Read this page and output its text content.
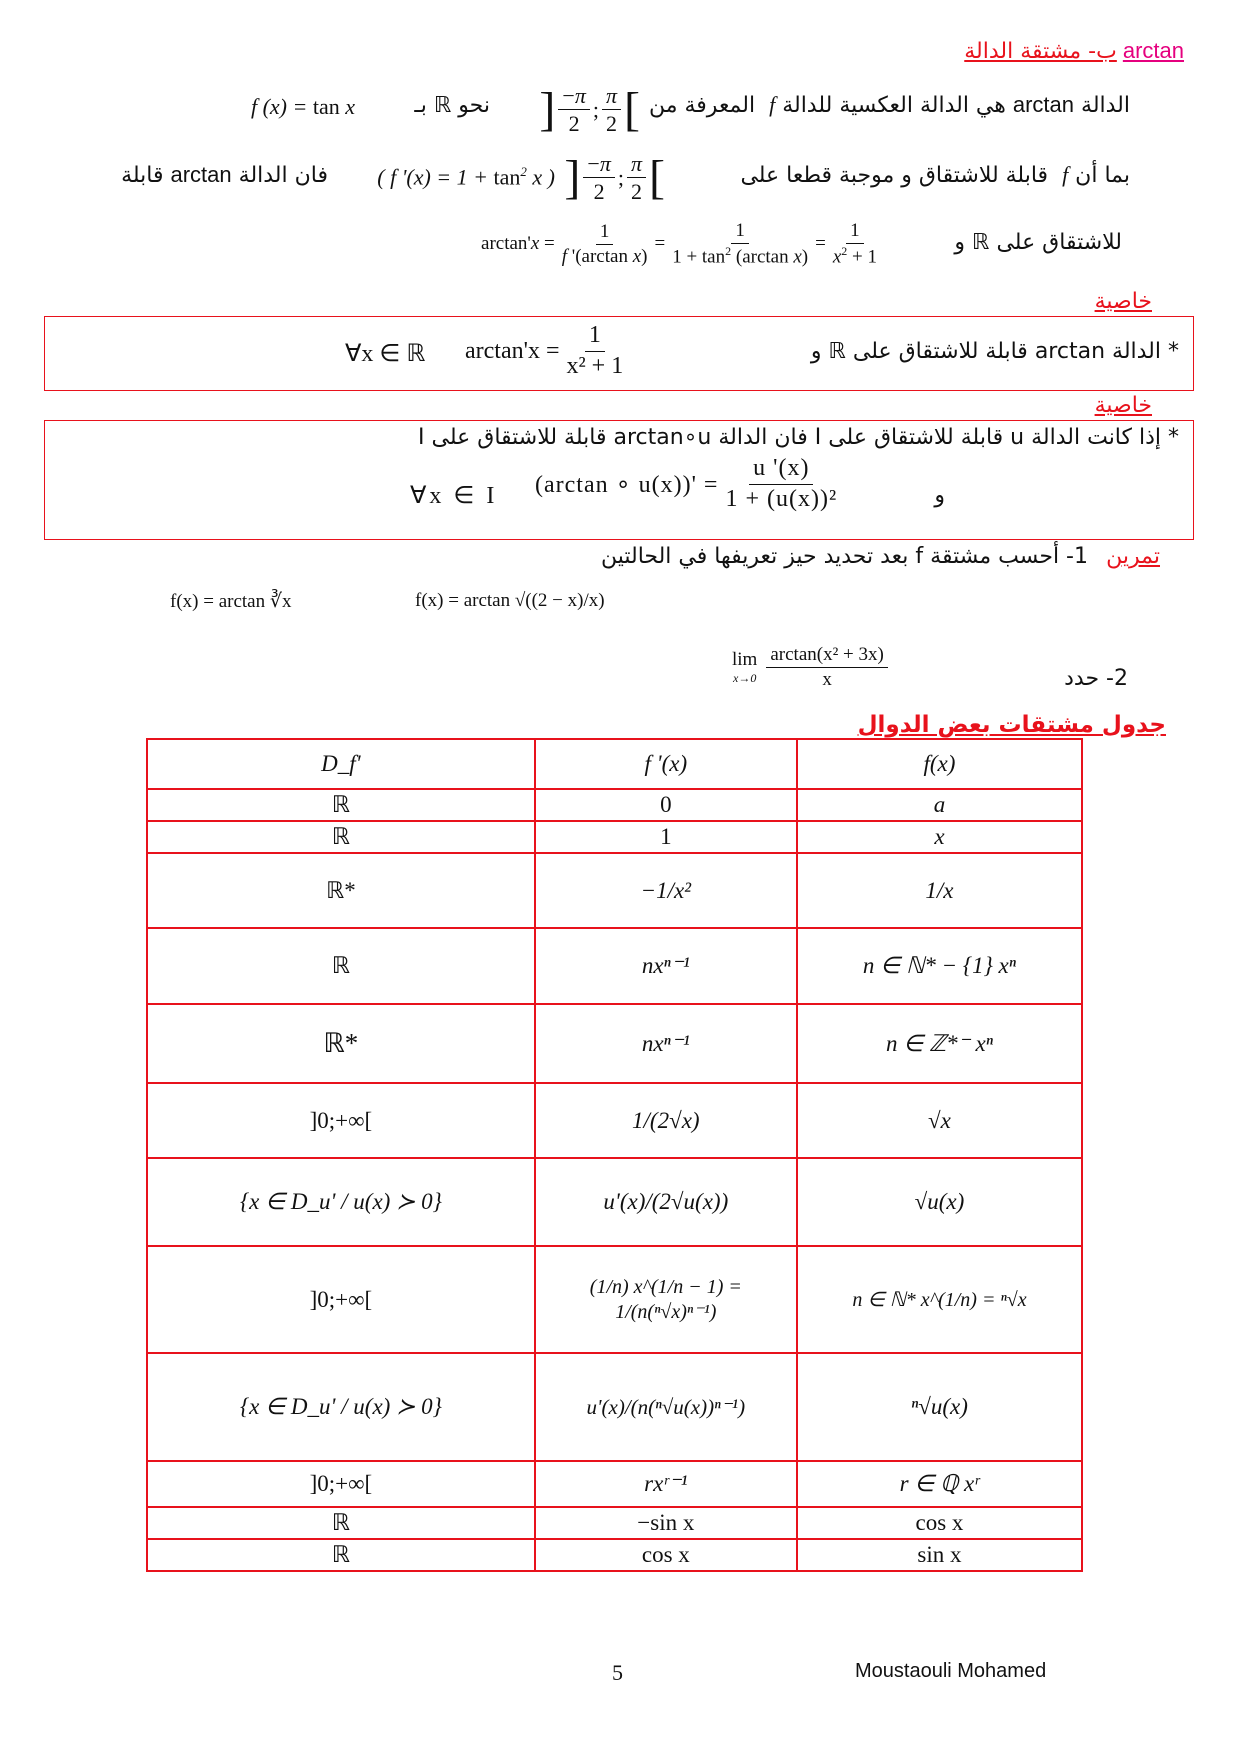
ب- مشتقة الدالة arctan
الدالة arctan هي الدالة العكسية للدالة f  المعرفة من
] $\frac{-\pi}{2}$ ; $\frac{\pi}{2}$ [
نحو ℝ بـ
f (x) = tan x
بما أن f  قابلة للاشتقاق و موجبة قطعا على
] $\frac{-\pi}{2}$ ; $\frac{\pi}{2}$ [
( f '$(x) = 1 + \tan^2 x$ )
فان الدالة arctan قابلة
للاشتقاق على ℝ و
$\arctan'x = \frac{1}{\text{f '(arctan x)}} = \frac{1}{1 + \tan^2 (\arctan x)} = \frac{1}{x^2 + 1}$
خاصية
* الدالة arctan قابلة للاشتقاق على ℝ و
$\arctan'x = \frac{1}{\text{x² + 1}}$
∀x ∈ ℝ
خاصية
* إذا كانت الدالة u قابلة للاشتقاق على I فان الدالة arctan∘u قابلة للاشتقاق على I
و
(arctan ∘ $u(x))' = \frac{u '(x)}{\text{1 + (u(x))²}}$
∀x ∈ I
تمرين
1- أحسب مشتقة f بعد تحديد حيز تعريفها في الحالتين
f(x) = arctan ∛x	f(x) = arctan √((2 − x)/x)
2- حدد
lim
$x\to 0 \frac{\text{arctan(x² + 3x)}}{x}$
جدول مشتقات بعض الدوال
D_f'	f '(x)	f(x)
ℝ	0	a
ℝ	1	x
ℝ*	−1/x²	1/x
ℝ	nxⁿ⁻¹	n ∈ ℕ* − {1} xⁿ
ℝ*	nxⁿ⁻¹	n ∈ ℤ*⁻ xⁿ
]0;+∞[	1/(2√x)	√x
{x ∈ D_u' / u(x) ≻ 0}	u'(x)/(2√u(x))	√u(x)
]0;+∞[	(1/n) x^(1/n − 1) = 1/(n(ⁿ√x)ⁿ⁻¹)	n ∈ ℕ* x^(1/n) = ⁿ√x
{x ∈ D_u' / u(x) ≻ 0}	u'(x)/(n(ⁿ√u(x))ⁿ⁻¹)	ⁿ√u(x)
]0;+∞[	rxʳ⁻¹	r ∈ ℚ xʳ
ℝ	−sin x	cos x
ℝ	cos x	sin x
5	Moustaouli Mohamed
